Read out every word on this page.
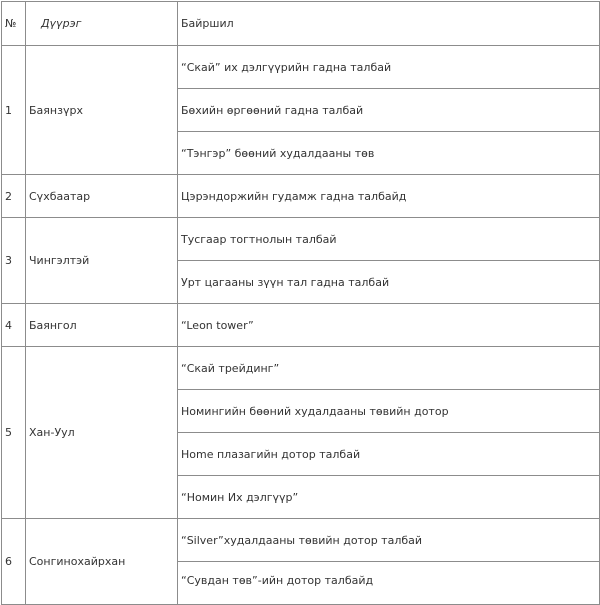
№	Дүүрэг	Байршил
1	Баянзүрх	“Скай” их дэлгүүрийн гадна талбай
		Бөхийн өргөөний гадна талбай
		“Тэнгэр” бөөний худалдааны төв
2	Сүхбаатар	Цэрэндоржийн гудамж гадна талбайд
3	Чингэлтэй	Тусгаар тогтнолын талбай
		Урт цагааны зүүн тал гадна талбай
4	Баянгол	“Leon tower”
5	Хан-Уул	“Скай трейдинг”
		Номингийн бөөний худалдааны төвийн дотор
		Home плазагийн дотор талбай
		“Номин Их дэлгүүр”
6	Сонгинохайрхан	“Silver”худалдааны төвийн дотор талбай
		“Сувдан төв”-ийн дотор талбайд
